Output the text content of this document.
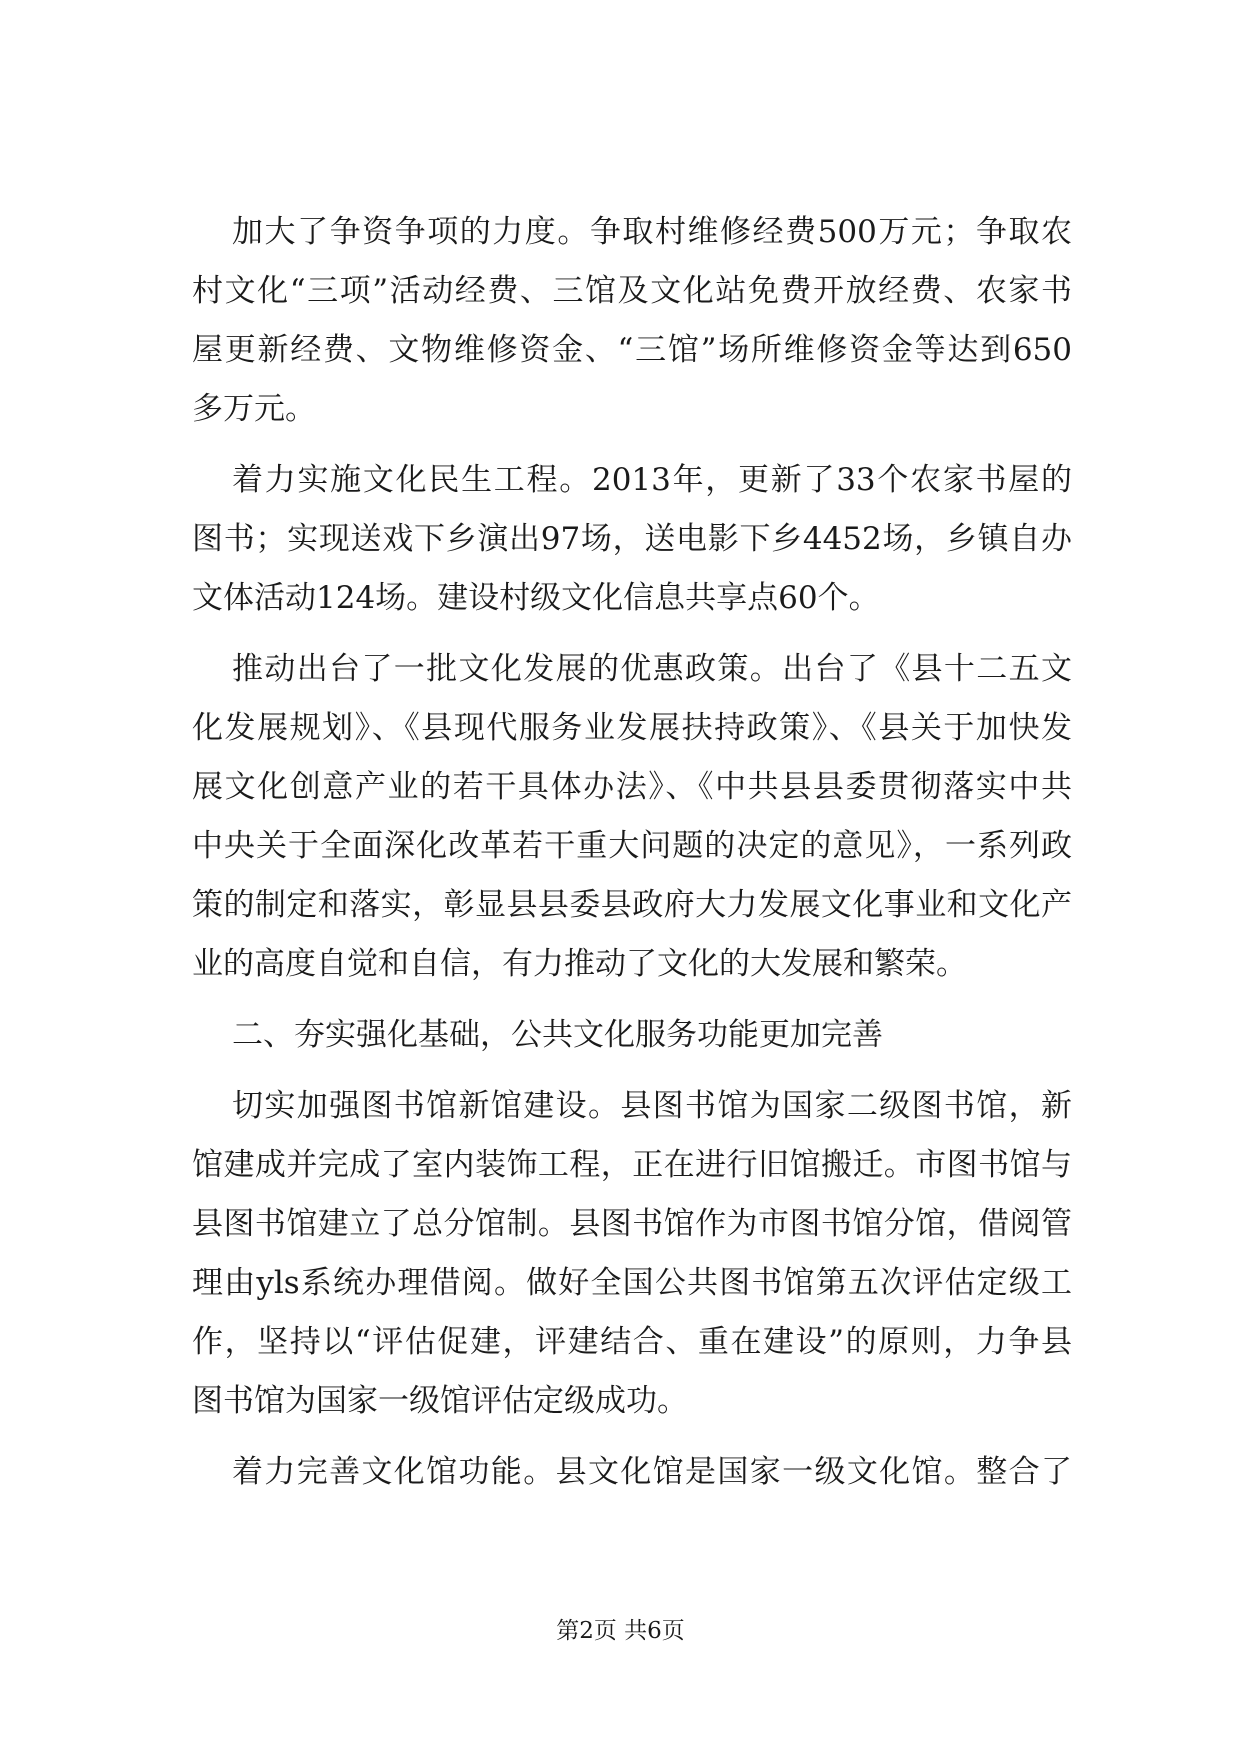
加大了争资争项的力度。争取村维修经费500万元；争取农
村文化“三项”活动经费、三馆及文化站免费开放经费、农家书
屋更新经费、文物维修资金、“三馆”场所维修资金等达到650
多万元。
着力实施文化民生工程。2013年，更新了33个农家书屋的
图书；实现送戏下乡演出97场，送电影下乡4452场，乡镇自办
文体活动124场。建设村级文化信息共享点60个。
推动出台了一批文化发展的优惠政策。出台了《县十二五文
化发展规划》、《县现代服务业发展扶持政策》、《县关于加快发
展文化创意产业的若干具体办法》、《中共县县委贯彻落实中共
中央关于全面深化改革若干重大问题的决定的意见》，一系列政
策的制定和落实，彰显县县委县政府大力发展文化事业和文化产
业的高度自觉和自信，有力推动了文化的大发展和繁荣。
二、夯实强化基础，公共文化服务功能更加完善
切实加强图书馆新馆建设。县图书馆为国家二级图书馆，新
馆建成并完成了室内装饰工程，正在进行旧馆搬迁。市图书馆与
县图书馆建立了总分馆制。县图书馆作为市图书馆分馆，借阅管
理由yls系统办理借阅。做好全国公共图书馆第五次评估定级工
作，坚持以“评估促建，评建结合、重在建设”的原则，力争县
图书馆为国家一级馆评估定级成功。
着力完善文化馆功能。县文化馆是国家一级文化馆。整合了
第2页 共6页
